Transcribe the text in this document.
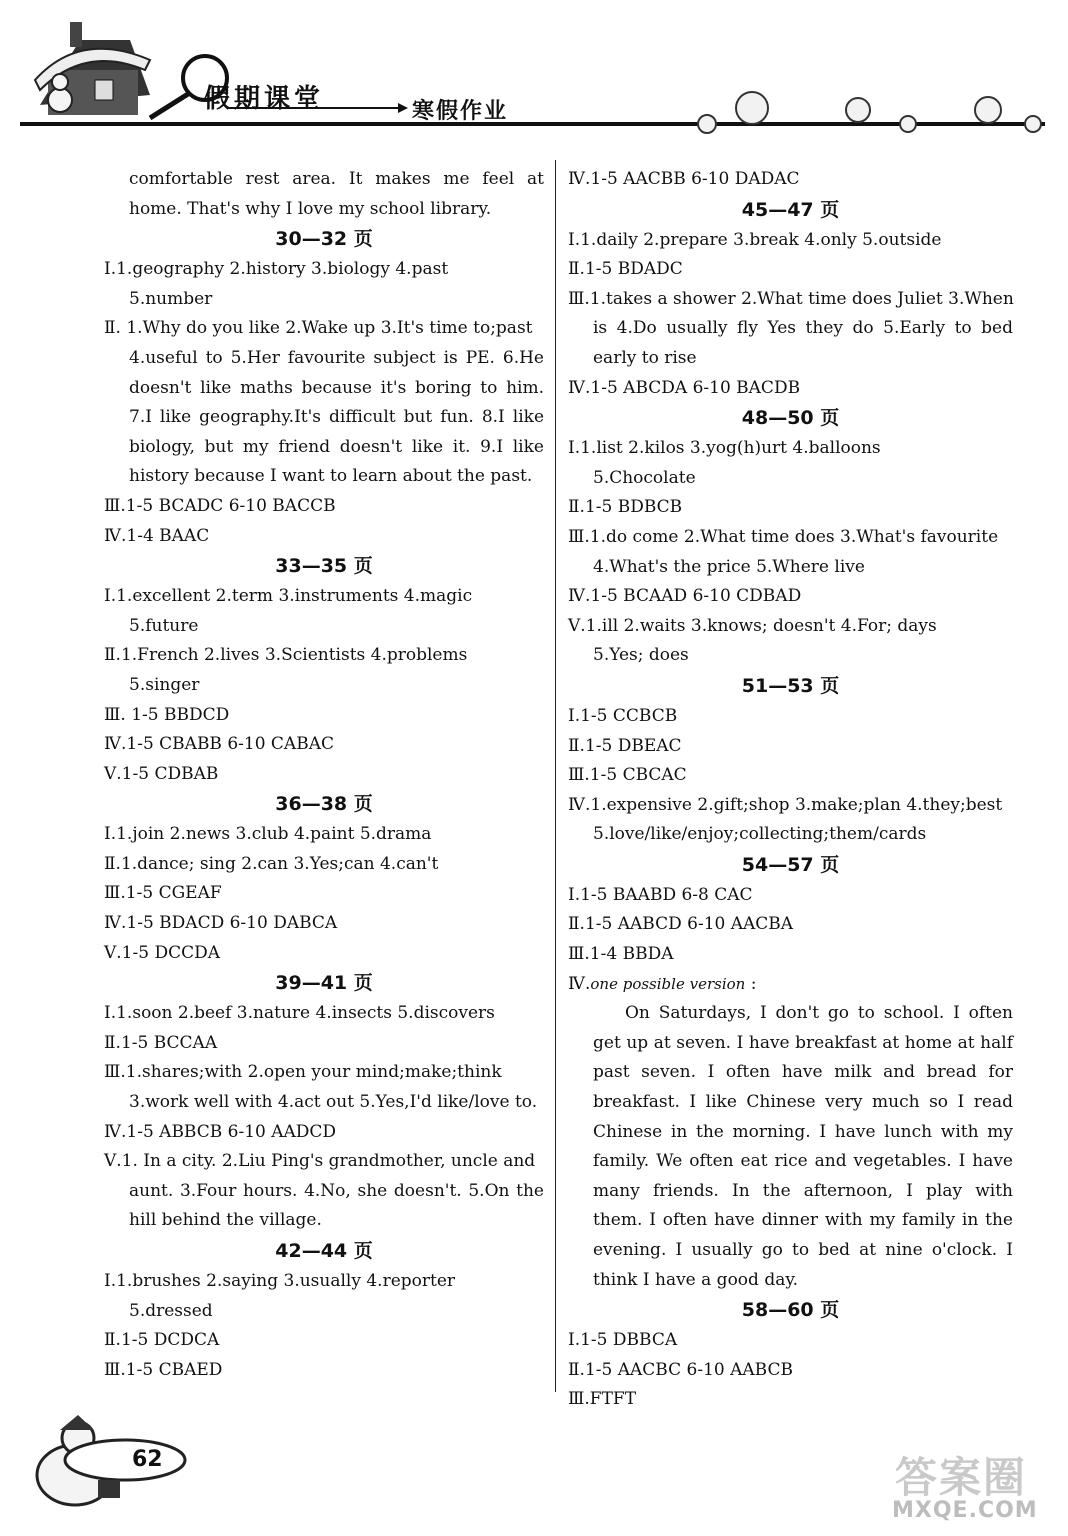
假期课堂	寒假作业
comfortable rest area. It makes me feel at home. That's why I love my school library.
30—32 页
Ⅰ.1.geography 2.history 3.biology 4.past
5.number
Ⅱ. 1.Why do you like 2.Wake up 3.It's time to;past
4.useful to 5.Her favourite subject is PE. 6.He doesn't like maths because it's boring to him. 7.I like geography.It's difficult but fun. 8.I like biology, but my friend doesn't like it. 9.I like history because I want to learn about the past.
Ⅲ.1-5 BCADC 6-10 BACCB
Ⅳ.1-4 BAAC
33—35 页
Ⅰ.1.excellent 2.term 3.instruments 4.magic
5.future
Ⅱ.1.French 2.lives 3.Scientists 4.problems
5.singer
Ⅲ. 1-5 BBDCD
Ⅳ.1-5 CBABB 6-10 CABAC
Ⅴ.1-5 CDBAB
36—38 页
Ⅰ.1.join 2.news 3.club 4.paint 5.drama
Ⅱ.1.dance; sing 2.can 3.Yes;can 4.can't
Ⅲ.1-5 CGEAF
Ⅳ.1-5 BDACD 6-10 DABCA
Ⅴ.1-5 DCCDA
39—41 页
Ⅰ.1.soon 2.beef 3.nature 4.insects 5.discovers
Ⅱ.1-5 BCCAA
Ⅲ.1.shares;with 2.open your mind;make;think
3.work well with 4.act out 5.Yes,I'd like/love to.
Ⅳ.1-5 ABBCB 6-10 AADCD
Ⅴ.1. In a city. 2.Liu Ping's grandmother, uncle and
aunt. 3.Four hours. 4.No, she doesn't. 5.On the hill behind the village.
42—44 页
Ⅰ.1.brushes 2.saying 3.usually 4.reporter
5.dressed
Ⅱ.1-5 DCDCA
Ⅲ.1-5 CBAED
Ⅳ.1-5 AACBB 6-10 DADAC
45—47 页
Ⅰ.1.daily 2.prepare 3.break 4.only 5.outside
Ⅱ.1-5 BDADC
Ⅲ.1.takes a shower 2.What time does Juliet 3.When
is 4.Do usually fly Yes they do 5.Early to bed early to rise
Ⅳ.1-5 ABCDA 6-10 BACDB
48—50 页
Ⅰ.1.list 2.kilos 3.yog(h)urt 4.balloons
5.Chocolate
Ⅱ.1-5 BDBCB
Ⅲ.1.do come 2.What time does 3.What's favourite
4.What's the price 5.Where live
Ⅳ.1-5 BCAAD 6-10 CDBAD
Ⅴ.1.ill 2.waits 3.knows; doesn't 4.For; days
5.Yes; does
51—53 页
Ⅰ.1-5 CCBCB
Ⅱ.1-5 DBEAC
Ⅲ.1-5 CBCAC
Ⅳ.1.expensive 2.gift;shop 3.make;plan 4.they;best
5.love/like/enjoy;collecting;them/cards
54—57 页
Ⅰ.1-5 BAABD 6-8 CAC
Ⅱ.1-5 AABCD 6-10 AACBA
Ⅲ.1-4 BBDA
Ⅳ.one possible version :
On Saturdays, I don't go to school. I often get up at seven. I have breakfast at home at half past seven. I often have milk and bread for breakfast. I like Chinese very much so I read Chinese in the morning. I have lunch with my family. We often eat rice and vegetables. I have many friends. In the afternoon, I play with them. I often have dinner with my family in the evening. I usually go to bed at nine o'clock. I think I have a good day.
58—60 页
Ⅰ.1-5 DBBCA
Ⅱ.1-5 AACBC 6-10 AABCB
Ⅲ.FTFT
62	答案圈
MXQE.COM
